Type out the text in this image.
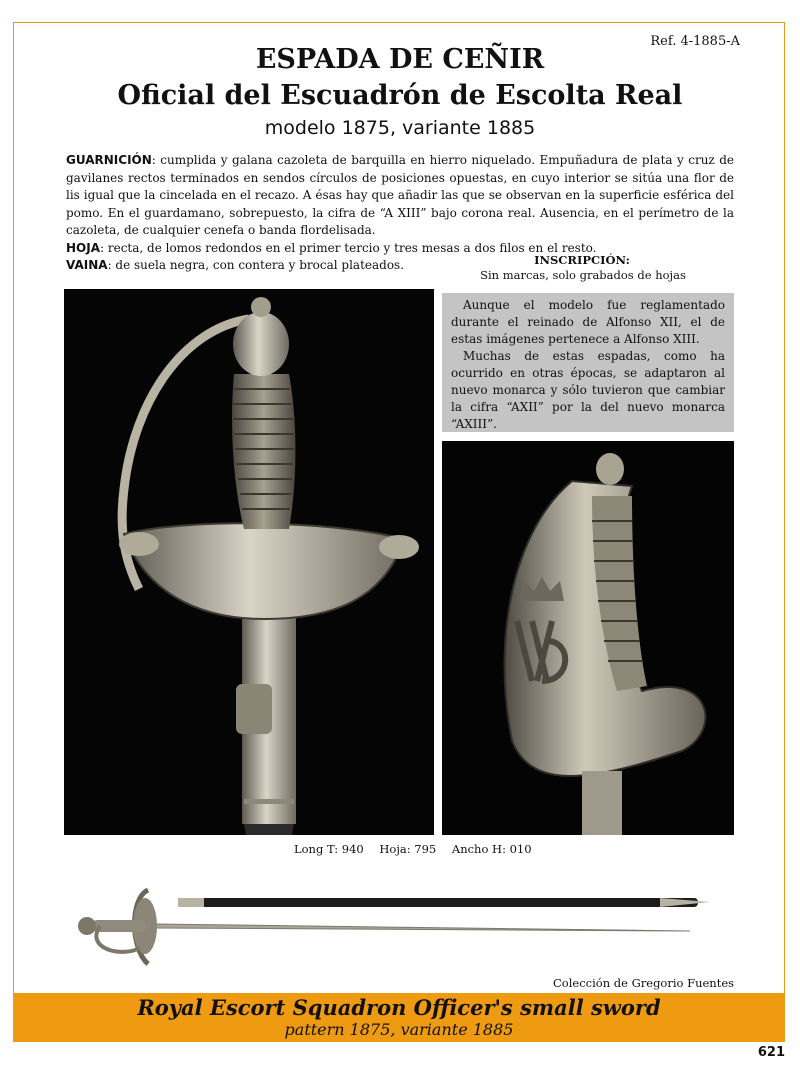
Ref. 4-1885-A
ESPADA DE CEÑIR
Oficial del Escuadrón de Escolta Real
modelo 1875, variante 1885

GUARNICIÓN: cumplida y galana cazoleta de barquilla en hierro niquelado. Empuñadura de plata y cruz de gavilanes rectos terminados en sendos círculos de posiciones opuestas, en cuyo interior se sitúa una flor de lis igual que la cincelada en el recazo. A ésas hay que añadir las que se observan en la superficie esférica del pomo. En el guardamano, sobrepuesto, la cifra de “A XIII” bajo corona real. Ausencia, en el perímetro de la cazoleta, de cualquier cenefa o banda flordelisada.

HOJA: recta, de lomos redondos en el primer tercio y tres mesas a dos filos en el resto.

VAINA: de suela negra, con contera y brocal plateados.	INSCRIPCIÓN:
Sin marcas, solo grabados de hojas

Aunque el modelo fue reglamentado durante el reinado de Alfonso XII, el de estas imágenes pertenece a Alfonso XIII.

Muchas de estas espadas, como ha ocurrido en otras épocas, se adaptaron al nuevo monarca y sólo tuvieron que cambiar la cifra “AXII” por la del nuevo monarca “AXIII”.

Long T: 940 Hoja: 795 Ancho H: 010
Colección de Gregorio Fuentes
Royal Escort Squadron Officer's small sword
pattern 1875, variante 1885
621
